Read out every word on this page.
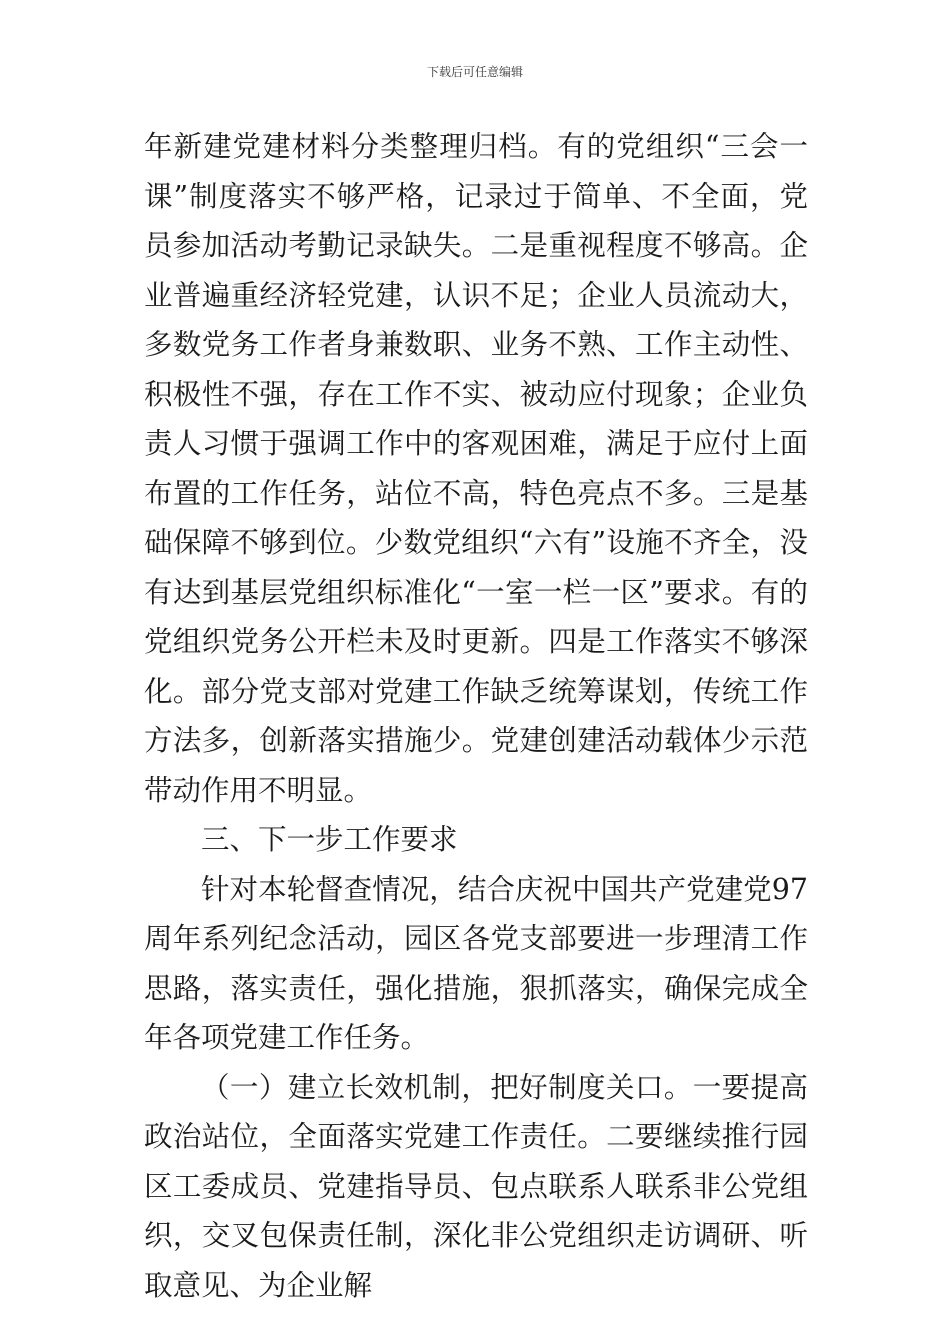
下载后可任意编辑

年新建党建材料分类整理归档。有的党组织“三会一课”制度落实不够严格，记录过于简单、不全面，党员参加活动考勤记录缺失。二是重视程度不够高。企业普遍重经济轻党建，认识不足；企业人员流动大，多数党务工作者身兼数职、业务不熟、工作主动性、积极性不强，存在工作不实、被动应付现象；企业负责人习惯于强调工作中的客观困难，满足于应付上面布置的工作任务，站位不高，特色亮点不多。三是基础保障不够到位。少数党组织“六有”设施不齐全，没有达到基层党组织标准化“一室一栏一区”要求。有的党组织党务公开栏未及时更新。四是工作落实不够深化。部分党支部对党建工作缺乏统筹谋划，传统工作方法多，创新落实措施少。党建创建活动载体少示范带动作用不明显。

三、下一步工作要求

针对本轮督查情况，结合庆祝中国共产党建党97周年系列纪念活动，园区各党支部要进一步理清工作思路，落实责任，强化措施，狠抓落实，确保完成全年各项党建工作任务。

（一）建立长效机制，把好制度关口。一要提高政治站位，全面落实党建工作责任。二要继续推行园区工委成员、党建指导员、包点联系人联系非公党组织，交叉包保责任制，深化非公党组织走访调研、听取意见、为企业解
